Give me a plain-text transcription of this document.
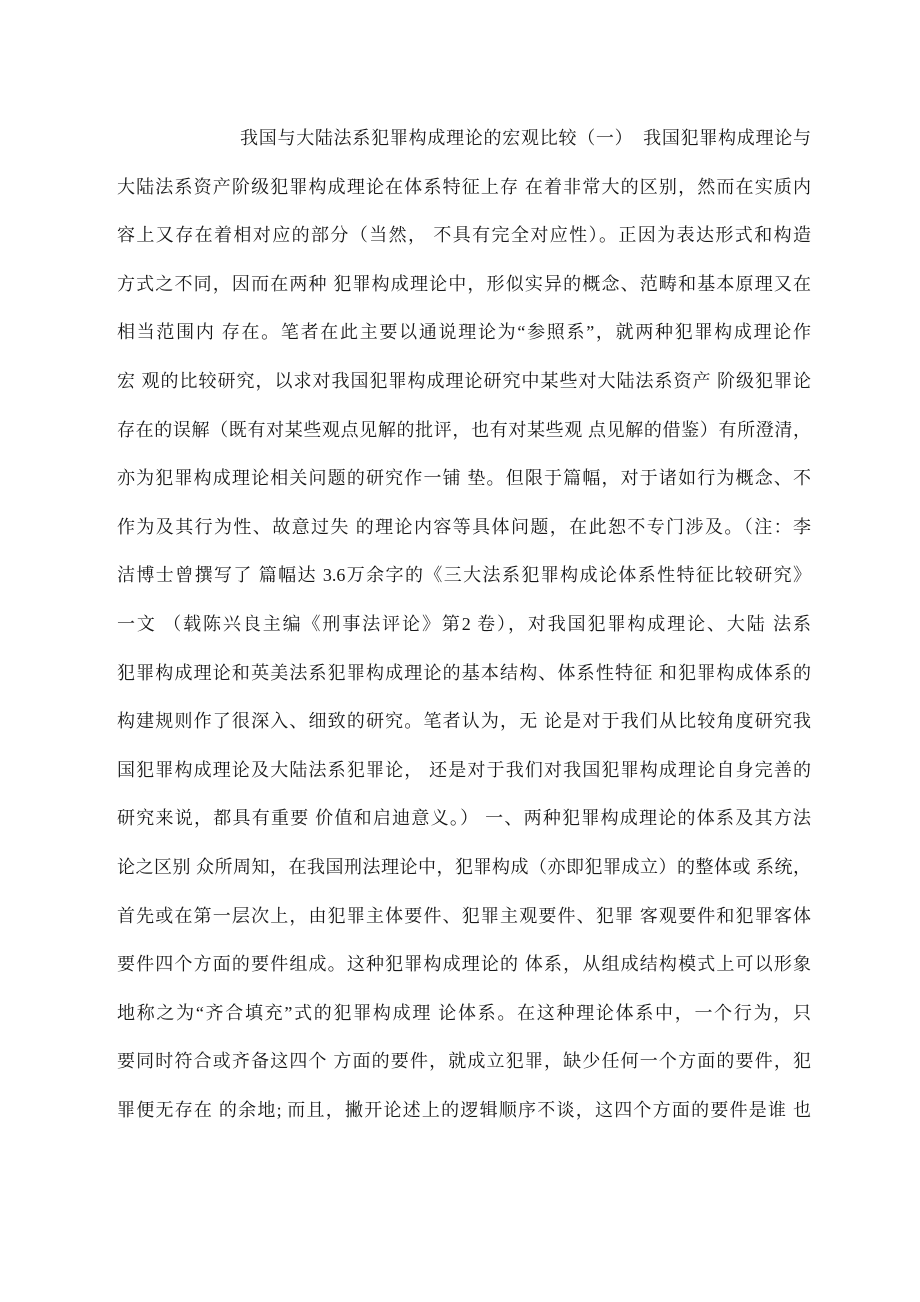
我国与大陆法系犯罪构成理论的宏观比较（一）　我国犯罪构成理论与
大陆法系资产阶级犯罪构成理论在体系特征上存 在着非常大的区别，然而在实质内
容上又存在着相对应的部分（当然， 不具有完全对应性）。正因为表达形式和构造
方式之不同，因而在两种 犯罪构成理论中，形似实异的概念、范畴和基本原理又在
相当范围内 存在。笔者在此主要以通说理论为“参照系”，就两种犯罪构成理论作
宏 观的比较研究，以求对我国犯罪构成理论研究中某些对大陆法系资产 阶级犯罪论
存在的误解（既有对某些观点见解的批评，也有对某些观 点见解的借鉴）有所澄清，
亦为犯罪构成理论相关问题的研究作一铺 垫。但限于篇幅，对于诸如行为概念、不
作为及其行为性、故意过失 的理论内容等具体问题，在此恕不专门涉及。（注：李
洁博士曾撰写了 篇幅达 3.6万余字的《三大法系犯罪构成论体系性特征比较研究》
一文 （载陈兴良主编《刑事法评论》第2 卷），对我国犯罪构成理论、大陆 法系
犯罪构成理论和英美法系犯罪构成理论的基本结构、体系性特征 和犯罪构成体系的
构建规则作了很深入、细致的研究。笔者认为，无 论是对于我们从比较角度研究我
国犯罪构成理论及大陆法系犯罪论， 还是对于我们对我国犯罪构成理论自身完善的
研究来说，都具有重要 价值和启迪意义。） 一、两种犯罪构成理论的体系及其方法
论之区别 众所周知，在我国刑法理论中，犯罪构成（亦即犯罪成立）的整体或 系统，
首先或在第一层次上，由犯罪主体要件、犯罪主观要件、犯罪 客观要件和犯罪客体
要件四个方面的要件组成。这种犯罪构成理论的 体系，从组成结构模式上可以形象
地称之为“齐合填充”式的犯罪构成理 论体系。在这种理论体系中，一个行为，只
要同时符合或齐备这四个 方面的要件，就成立犯罪，缺少任何一个方面的要件，犯
罪便无存在 的余地; 而且，撇开论述上的逻辑顺序不谈，这四个方面的要件是谁 也
